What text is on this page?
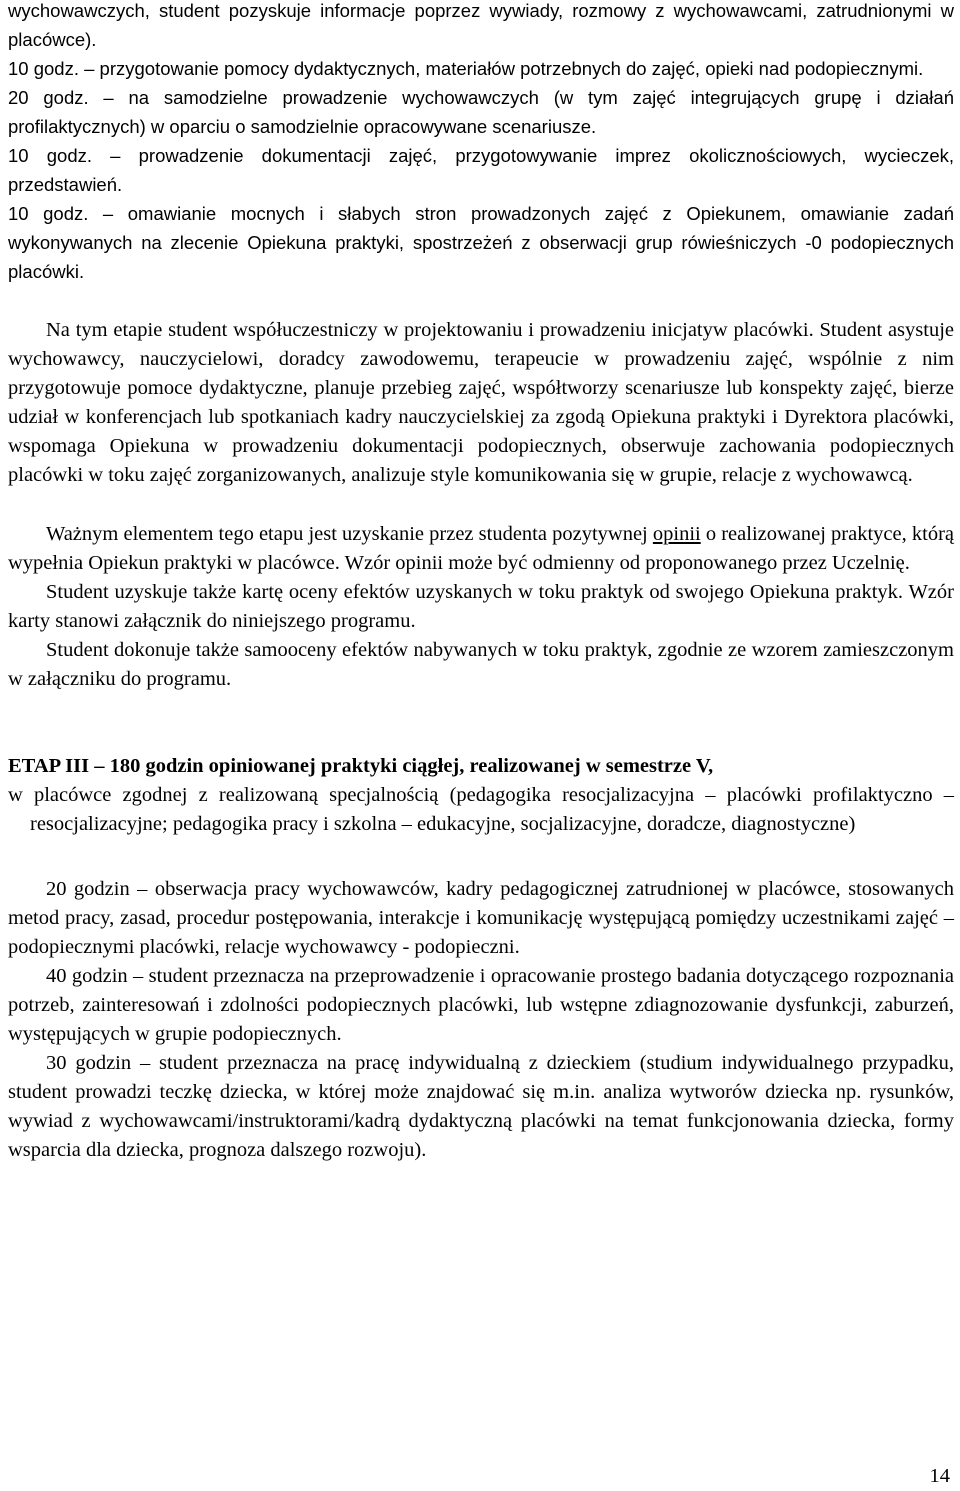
wychowawczych, student pozyskuje informacje poprzez wywiady, rozmowy z wychowawcami, zatrudnionymi w placówce).

10 godz. – przygotowanie pomocy dydaktycznych, materiałów potrzebnych do zajęć, opieki nad podopiecznymi.

20 godz. – na samodzielne prowadzenie wychowawczych (w tym zajęć integrujących grupę i działań profilaktycznych) w oparciu o samodzielnie opracowywane scenariusze.

10 godz. – prowadzenie dokumentacji zajęć, przygotowywanie imprez okolicznościowych, wycieczek, przedstawień.

10 godz. – omawianie mocnych i słabych stron prowadzonych zajęć z Opiekunem, omawianie zadań wykonywanych na zlecenie Opiekuna praktyki, spostrzeżeń z obserwacji grup rówieśniczych -0 podopiecznych placówki.

Na tym etapie student współuczestniczy w projektowaniu i prowadzeniu inicjatyw placówki. Student asystuje wychowawcy, nauczycielowi, doradcy zawodowemu, terapeucie w prowadzeniu zajęć, wspólnie z nim przygotowuje pomoce dydaktyczne, planuje przebieg zajęć, współtworzy scenariusze lub konspekty zajęć, bierze udział w konferencjach lub spotkaniach kadry nauczycielskiej za zgodą Opiekuna praktyki i Dyrektora placówki, wspomaga Opiekuna w prowadzeniu dokumentacji podopiecznych, obserwuje zachowania podopiecznych placówki w toku zajęć zorganizowanych, analizuje style komunikowania się w grupie, relacje z wychowawcą.

Ważnym elementem tego etapu jest uzyskanie przez studenta pozytywnej opinii o realizowanej praktyce, którą wypełnia Opiekun praktyki w placówce. Wzór opinii może być odmienny od proponowanego przez Uczelnię.

Student uzyskuje także kartę oceny efektów uzyskanych w toku praktyk od swojego Opiekuna praktyk. Wzór karty stanowi załącznik do niniejszego programu.

Student dokonuje także samooceny efektów nabywanych w toku praktyk, zgodnie ze wzorem zamieszczonym w załączniku do programu.

ETAP III – 180 godzin opiniowanej praktyki ciągłej, realizowanej w semestrze V,

w placówce zgodnej z realizowaną specjalnością (pedagogika resocjalizacyjna – placówki profilaktyczno – resocjalizacyjne; pedagogika pracy i szkolna – edukacyjne, socjalizacyjne, doradcze, diagnostyczne)

20 godzin – obserwacja pracy wychowawców, kadry pedagogicznej zatrudnionej w placówce, stosowanych metod pracy, zasad, procedur postępowania, interakcje i komunikację występującą pomiędzy uczestnikami zajęć – podopiecznymi placówki, relacje wychowawcy - podopieczni.

40 godzin – student przeznacza na przeprowadzenie i opracowanie prostego badania dotyczącego rozpoznania potrzeb, zainteresowań i zdolności podopiecznych placówki, lub wstępne zdiagnozowanie dysfunkcji, zaburzeń, występujących w grupie podopiecznych.

30 godzin – student przeznacza na pracę indywidualną z dzieckiem (studium indywidualnego przypadku, student prowadzi teczkę dziecka, w której może znajdować się m.in. analiza wytworów dziecka np. rysunków, wywiad z wychowawcami/instruktorami/kadrą dydaktyczną placówki na temat funkcjonowania dziecka, formy wsparcia dla dziecka, prognoza dalszego rozwoju).

14
